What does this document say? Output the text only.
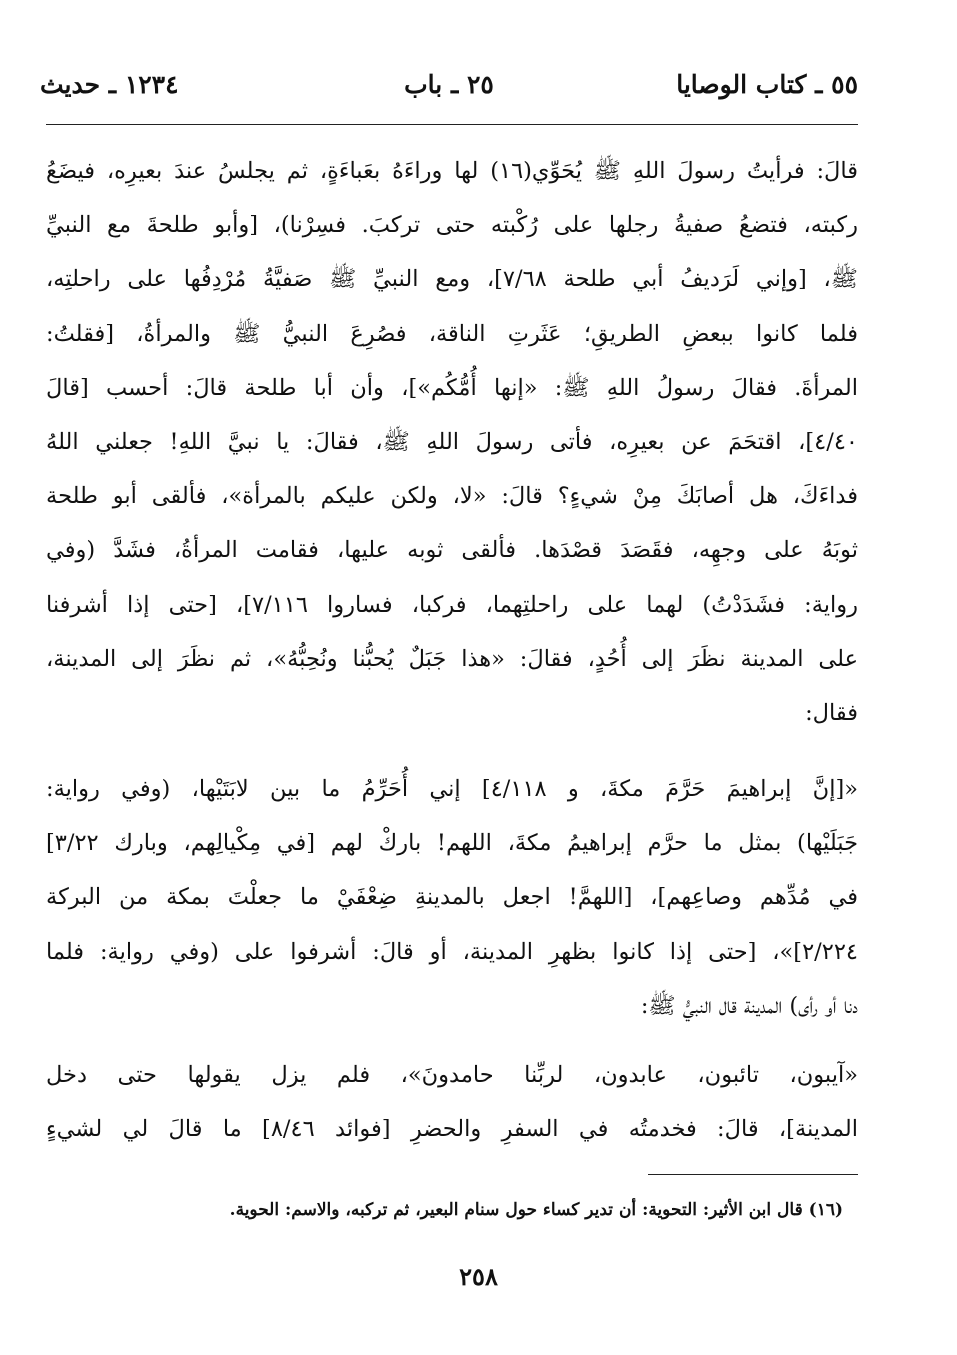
٥٥ ـ كتاب الوصايا
٢٥ ـ باب
١٢٣٤ ـ حديث
قالَ: فرأيتُ رسولَ اللهِ ﷺ يُحَوِّي(١٦) لها وراءَهُ بعَباءَةٍ، ثم يجلسُ عندَ بعيرِه، فيضَعُ
ركبته، فتضعُ صفيةُ رجلها على رُكْبته حتى تركبَ. فسِرْنا)، [وأبو طلحةَ مع النبيِّ
ﷺ، [وإني لَرَديفُ أبي طلحة ٧/٦٨]، ومع النبيِّ ﷺ صَفيَّةُ مُرْدِفُها على راحلتِه،
فلما كانوا ببعضِ الطريقِ؛ عَثَرتِ الناقة، فصُرِعَ النبيُّ ﷺ والمرأةُ، [فقلتُ:
المرأةَ. فقالَ رسولُ اللهِ ﷺ: «إنها أُمُّكُم»]، وأن أبا طلحة قالَ: أحسب [قالَ
٤/٤٠]، اقتحَمَ عن بعيرِه، فأتى رسولَ اللهِ ﷺ، فقالَ: يا نبيَّ اللهِ! جعلني اللهُ
فداءَكَ، هل أصابَكَ مِنْ شيءٍ؟ قالَ: «لا، ولكن عليكم بالمرأة»، فألقى أبو طلحة
ثوبَهُ على وجهِه، فقَصَدَ قصْدَها. فألقى ثوبه عليها، فقامت المرأةُ، فشَدَّ (وفي
رواية: فشَدَدْتُ) لهما على راحلتِهما، فركبا، فساروا ٧/١١٦]، [حتى إذا أشرفنا
على المدينة نظَرَ إلى أُحُدٍ، فقالَ: «هذا جَبَلٌ يُحبُّنا ونُحِبُّهُ»، ثم نظَرَ إلى المدينة،
فقال:
«[إنَّ إبراهيمَ حَرَّمَ مكةَ، و ٤/١١٨] إني أُحَرِّمُ ما بين لابَتَيْها، (وفي رواية:
جَبَلَيْها) بمثل ما حرَّم إبراهيمُ مكةَ، اللهم! باركْ لهم [في مِكْيالِهم، وبارك ٣/٢٢]
في مُدِّهم وصاعِهم]، [اللهمَّ! اجعل بالمدينةِ ضِعْفَيْ ما جعلْتَ بمكة من البركة
٢/٢٢٤]»، [حتى إذا كانوا بظهرِ المدينة، أو قالَ: أشرفوا على (وفي رواية: فلما
دنا أو رأى) المدينة قال النبيُّ ﷺ:
«آيبون، تائبون، عابدون، لربِّنا حامدونَ»، فلم يزل يقولها حتى دخل
المدينة]، قالَ: فخدمتُه في السفرِ والحضرِ [فوائد ٨/٤٦] ما قالَ لي لشيءٍ
(١٦) قال ابن الأثير: التحوية: أن تدير كساء حول سنام البعير، ثم تركبه، والاسم: الحوية.
٢٥٨
